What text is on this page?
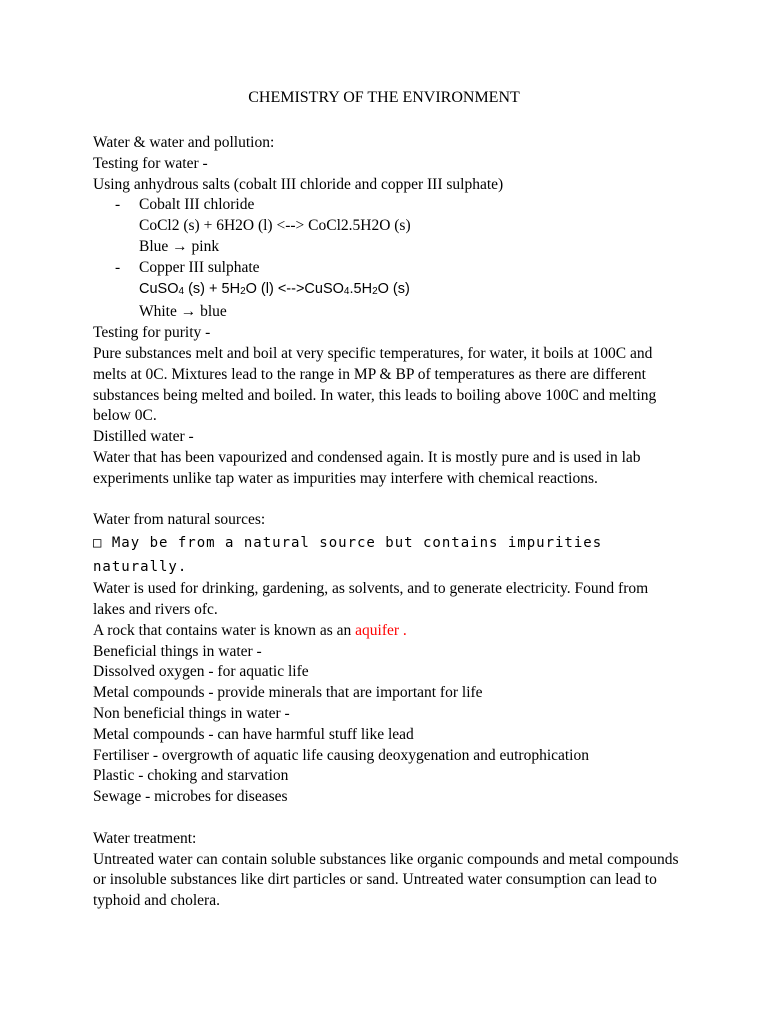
CHEMISTRY OF THE ENVIRONMENT

Water & water and pollution:

Testing for water -

Using anhydrous salts (cobalt III chloride and copper III sulphate)

- Cobalt III chloride

CoCl2 (s) + 6H2O (l) <--> CoCl2.5H2O (s)

Blue → pink

- Copper III sulphate

CuSO4 (s) + 5H2O (l) <-->CuSO4.5H2O (s)

White → blue

Testing for purity -

Pure substances melt and boil at very specific temperatures, for water, it boils at 100C and melts at 0C. Mixtures lead to the range in MP & BP of temperatures as there are different substances being melted and boiled. In water, this leads to boiling above 100C and melting below 0C.

Distilled water -

Water that has been vapourized and condensed again. It is mostly pure and is used in lab experiments unlike tap water as impurities may interfere with chemical reactions.

Water from natural sources:

□ May be from a natural source but contains impurities naturally.

Water is used for drinking, gardening, as solvents, and to generate electricity. Found from lakes and rivers ofc.

A rock that contains water is known as an aquifer .

Beneficial things in water -

Dissolved oxygen - for aquatic life

Metal compounds - provide minerals that are important for life

Non beneficial things in water -

Metal compounds - can have harmful stuff like lead

Fertiliser - overgrowth of aquatic life causing deoxygenation and eutrophication

Plastic - choking and starvation

Sewage - microbes for diseases

Water treatment:

Untreated water can contain soluble substances like organic compounds and metal compounds or insoluble substances like dirt particles or sand. Untreated water consumption can lead to typhoid and cholera.
